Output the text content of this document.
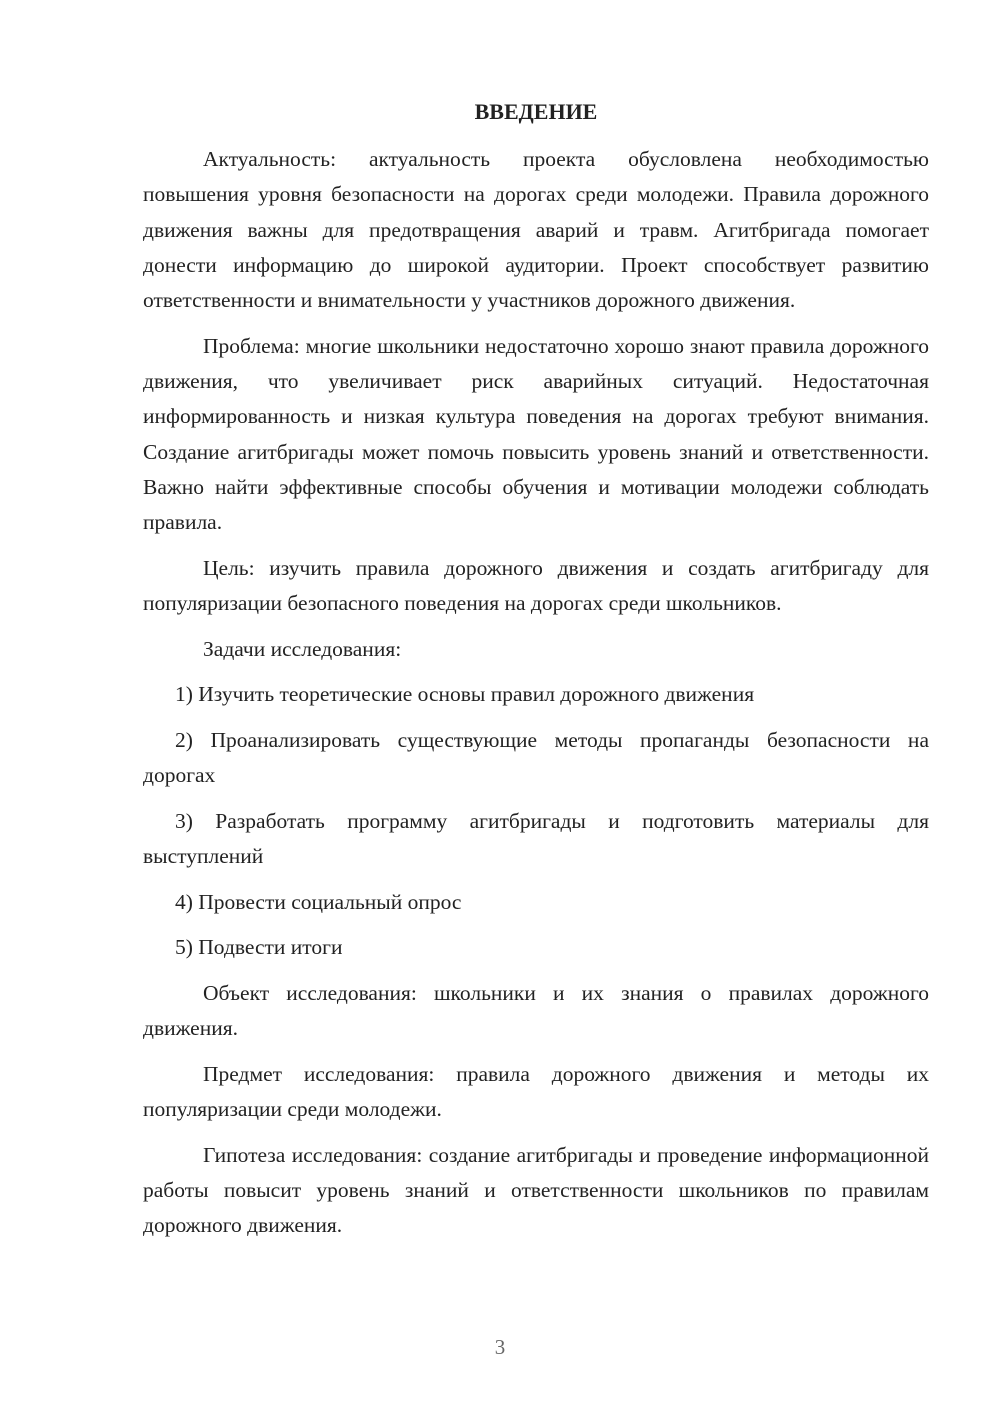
ВВЕДЕНИЕ

Актуальность: актуальность проекта обусловлена необходимостью повышения уровня безопасности на дорогах среди молодежи. Правила дорожного движения важны для предотвращения аварий и травм. Агитбригада помогает донести информацию до широкой аудитории. Проект способствует развитию ответственности и внимательности у участников дорожного движения.

Проблема: многие школьники недостаточно хорошо знают правила дорожного движения, что увеличивает риск аварийных ситуаций. Недостаточная информированность и низкая культура поведения на дорогах требуют внимания. Создание агитбригады может помочь повысить уровень знаний и ответственности. Важно найти эффективные способы обучения и мотивации молодежи соблюдать правила.

Цель: изучить правила дорожного движения и создать агитбригаду для популяризации безопасного поведения на дорогах среди школьников.

Задачи исследования:

1) Изучить теоретические основы правил дорожного движения

2) Проанализировать существующие методы пропаганды безопасности на дорогах

3) Разработать программу агитбригады и подготовить материалы для выступлений

4) Провести социальный опрос

5) Подвести итоги

Объект исследования: школьники и их знания о правилах дорожного движения.

Предмет исследования: правила дорожного движения и методы их популяризации среди молодежи.

Гипотеза исследования: создание агитбригады и проведение информационной работы повысит уровень знаний и ответственности школьников по правилам дорожного движения.

3
